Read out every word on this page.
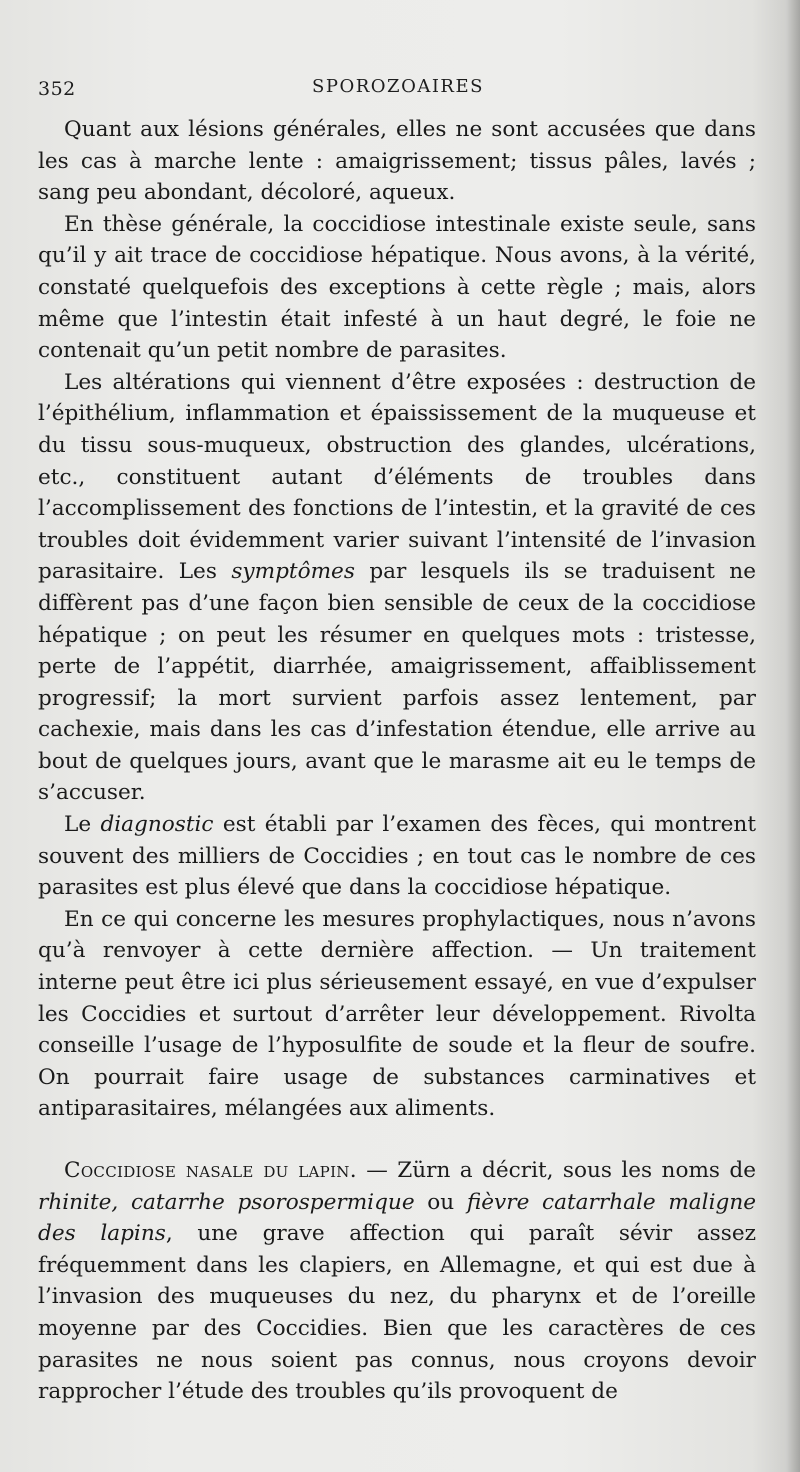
352	SPOROZOAIRES

Quant aux lésions générales, elles ne sont accusées que dans les cas à marche lente : amaigrissement; tissus pâles, lavés ; sang peu abondant, décoloré, aqueux.

En thèse générale, la coccidiose intestinale existe seule, sans qu’il y ait trace de coccidiose hépatique. Nous avons, à la vérité, constaté quelquefois des exceptions à cette règle ; mais, alors même que l’intestin était infesté à un haut degré, le foie ne contenait qu’un petit nombre de parasites.

Les altérations qui viennent d’être exposées : destruction de l’épithélium, inflammation et épaississement de la muqueuse et du tissu sous-muqueux, obstruction des glandes, ulcérations, etc., constituent autant d’éléments de troubles dans l’accomplissement des fonctions de l’intestin, et la gravité de ces troubles doit évidemment varier suivant l’intensité de l’invasion parasitaire. Les symptômes par lesquels ils se traduisent ne diffèrent pas d’une façon bien sensible de ceux de la coccidiose hépatique ; on peut les résumer en quelques mots : tristesse, perte de l’appétit, diarrhée, amaigrissement, affaiblissement progressif; la mort survient parfois assez lentement, par cachexie, mais dans les cas d’infestation étendue, elle arrive au bout de quelques jours, avant que le marasme ait eu le temps de s’accuser.

Le diagnostic est établi par l’examen des fèces, qui montrent souvent des milliers de Coccidies ; en tout cas le nombre de ces parasites est plus élevé que dans la coccidiose hépatique.

En ce qui concerne les mesures prophylactiques, nous n’avons qu’à renvoyer à cette dernière affection. — Un traitement interne peut être ici plus sérieusement essayé, en vue d’expulser les Coccidies et surtout d’arrêter leur développement. Rivolta conseille l’usage de l’hyposulfite de soude et la fleur de soufre. On pourrait faire usage de substances carminatives et antiparasitaires, mélangées aux aliments.

Coccidiose nasale du lapin. — Zürn a décrit, sous les noms de rhinite, catarrhe psorospermique ou fièvre catarrhale maligne des lapins, une grave affection qui paraît sévir assez fréquemment dans les clapiers, en Allemagne, et qui est due à l’invasion des muqueuses du nez, du pharynx et de l’oreille moyenne par des Coccidies. Bien que les caractères de ces parasites ne nous soient pas connus, nous croyons devoir rapprocher l’étude des troubles qu’ils provoquent de
